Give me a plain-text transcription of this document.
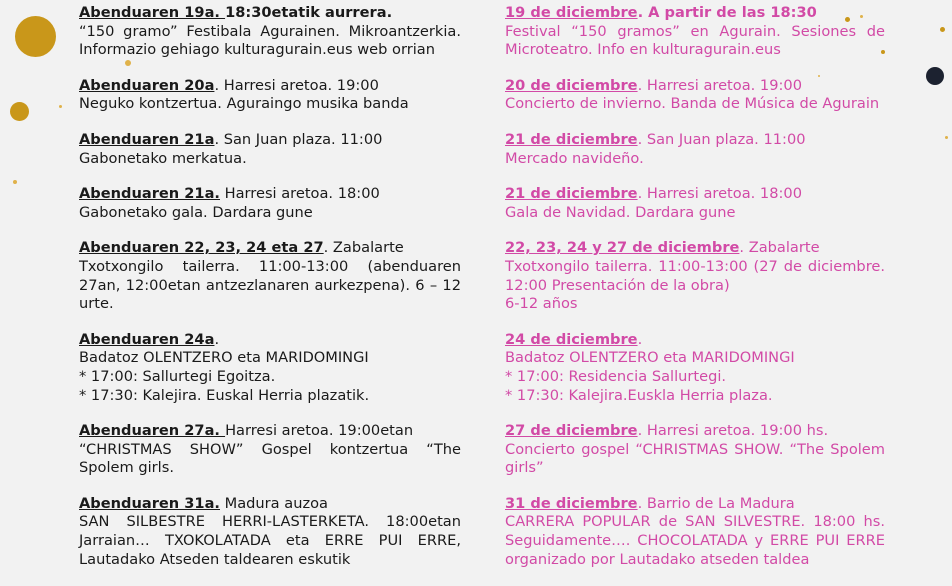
Abenduaren 19a. 18:30etatik aurrera.

“150 gramo” Festibala Agurainen. Mikroantzerkia. Informazio gehiago kulturagurain.eus web orrian

Abenduaren 20a. Harresi aretoa. 19:00

Neguko kontzertua. Aguraingo musika banda

Abenduaren 21a. San Juan plaza. 11:00

Gabonetako merkatua.

Abenduaren 21a. Harresi aretoa. 18:00

Gabonetako gala. Dardara gune

Abenduaren 22, 23, 24 eta 27. Zabalarte

Txotxongilo tailerra. 11:00-13:00 (abenduaren 27an, 12:00etan antzezlanaren aurkezpena). 6 – 12 urte.

Abenduaren 24a.

Badatoz OLENTZERO eta MARIDOMINGI

* 17:00: Sallurtegi Egoitza.

* 17:30: Kalejira. Euskal Herria plazatik.

Abenduaren 27a. Harresi aretoa. 19:00etan

“CHRISTMAS SHOW” Gospel kontzertua “The Spolem girls.

Abenduaren 31a. Madura auzoa

SAN SILBESTRE HERRI-LASTERKETA. 18:00etan Jarraian… TXOKOLATADA eta ERRE PUI ERRE, Lautadako Atseden taldearen eskutik

19 de diciembre. A partir de las 18:30

Festival “150 gramos” en Agurain. Sesiones de Microteatro. Info en kulturagurain.eus

20 de diciembre. Harresi aretoa. 19:00

Concierto de invierno. Banda de Música de Agurain

21 de diciembre. San Juan plaza. 11:00

Mercado navideño.

21 de diciembre. Harresi aretoa. 18:00

Gala de Navidad. Dardara gune

22, 23, 24 y 27 de diciembre. Zabalarte

Txotxongilo tailerra. 11:00-13:00 (27 de diciembre. 12:00 Presentación de la obra)

6-12 años

24 de diciembre.

Badatoz OLENTZERO eta MARIDOMINGI

* 17:00: Residencia Sallurtegi.

* 17:30: Kalejira.Euskla Herria plaza.

27 de diciembre. Harresi aretoa. 19:00 hs.

Concierto gospel “CHRISTMAS SHOW. “The Spolem girls”

31 de diciembre. Barrio de La Madura

CARRERA POPULAR de SAN SILVESTRE. 18:00 hs. Seguidamente…. CHOCOLATADA y ERRE PUI ERRE organizado por Lautadako atseden taldea
